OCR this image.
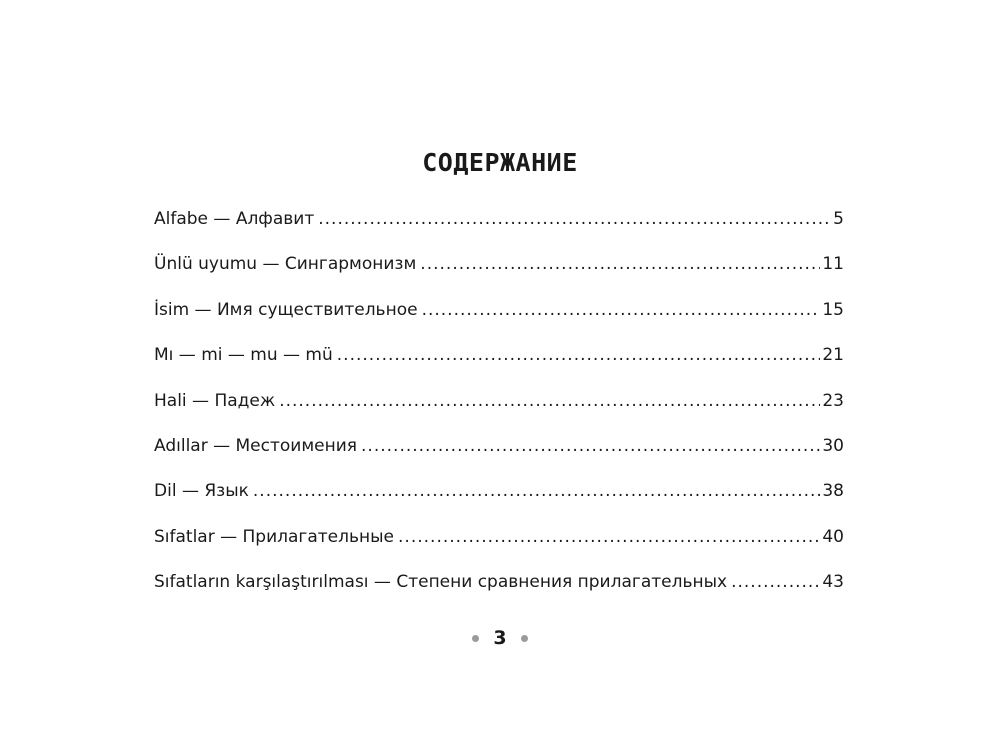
СОДЕРЖАНИЕ
Alfabe — Алфавит .....	5
Ünlü uyumu — Сингармонизм .....	11
İsim — Имя существительное .....	15
Mı — mi — mu — mü .....	21
Hali — Падеж .....	23
Adıllar — Местоимения .....	30
Dil — Язык .....	38
Sıfatlar — Прилагательные .....	40
Sıfatların karşılaştırılması — Степени сравнения прилагательных .....	43
3
